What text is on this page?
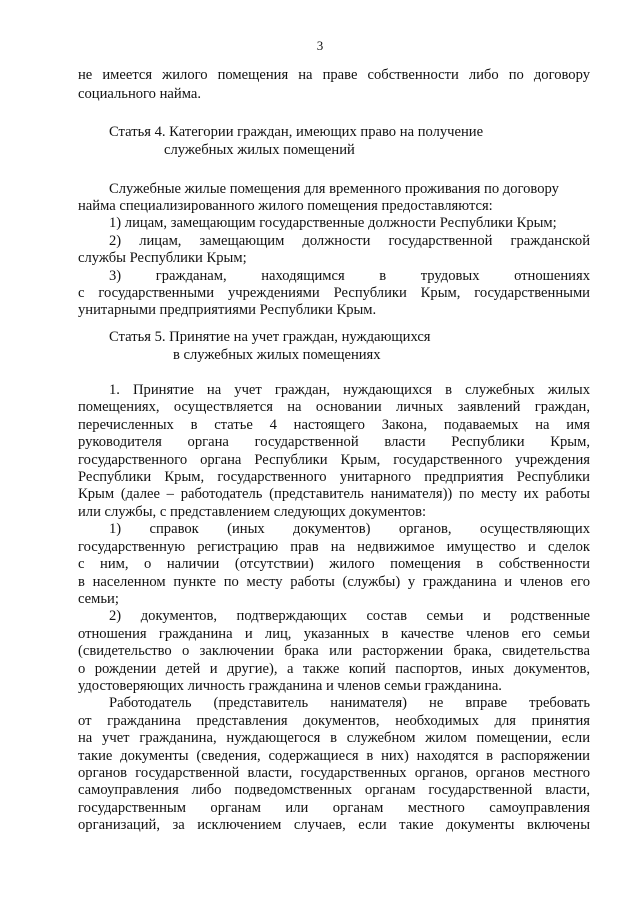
3
не имеется жилого помещения на праве собственности либо по договору
социального найма.
Статья 4. Категории граждан, имеющих право на получение
служебных жилых помещений
Служебные жилые помещения для временного проживания по договору
найма специализированного жилого помещения предоставляются:
1) лицам, замещающим государственные должности Республики Крым;
2) лицам, замещающим должности государственной гражданской
службы Республики Крым;
3) гражданам, находящимся в трудовых отношениях
с государственными учреждениями Республики Крым, государственными
унитарными предприятиями Республики Крым.
Статья 5. Принятие на учет граждан, нуждающихся
в служебных жилых помещениях
1. Принятие на учет граждан, нуждающихся в служебных жилых
помещениях, осуществляется на основании личных заявлений граждан,
перечисленных в статье 4 настоящего Закона, подаваемых на имя
руководителя органа государственной власти Республики Крым,
государственного органа Республики Крым, государственного учреждения
Республики Крым, государственного унитарного предприятия Республики
Крым (далее – работодатель (представитель нанимателя)) по месту их работы
или службы, с представлением следующих документов:
1) справок (иных документов) органов, осуществляющих
государственную регистрацию прав на недвижимое имущество и сделок
с ним, о наличии (отсутствии) жилого помещения в собственности
в населенном пункте по месту работы (службы) у гражданина и членов его
семьи;
2) документов, подтверждающих состав семьи и родственные
отношения гражданина и лиц, указанных в качестве членов его семьи
(свидетельство о заключении брака или расторжении брака, свидетельства
о рождении детей и другие), а также копий паспортов, иных документов,
удостоверяющих личность гражданина и членов семьи гражданина.
Работодатель (представитель нанимателя) не вправе требовать
от гражданина представления документов, необходимых для принятия
на учет гражданина, нуждающегося в служебном жилом помещении, если
такие документы (сведения, содержащиеся в них) находятся в распоряжении
органов государственной власти, государственных органов, органов местного
самоуправления либо подведомственных органам государственной власти,
государственным органам или органам местного самоуправления
организаций, за исключением случаев, если такие документы включены
